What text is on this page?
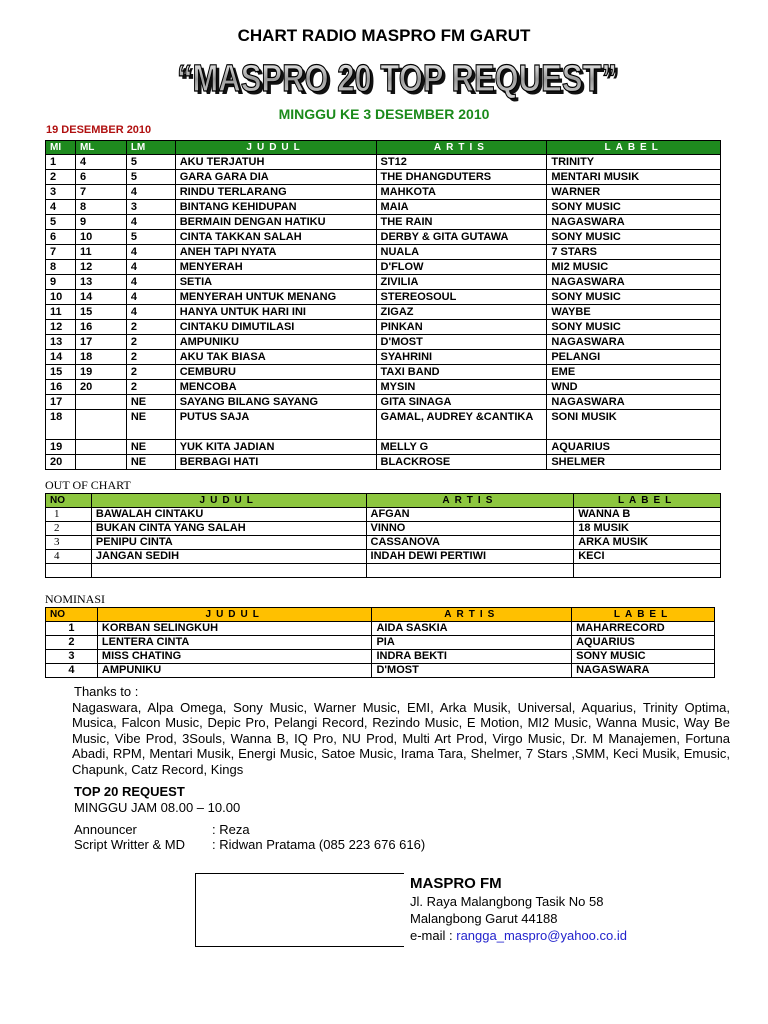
CHART RADIO MASPRO FM GARUT
“MASPRO 20 TOP REQUEST”
“MASPRO 20 TOP REQUEST”
MINGGU KE 3 DESEMBER 2010
19 DESEMBER 2010
MI	ML	LM	JUDUL	ARTIS	LABEL
1	4	5	AKU TERJATUH	ST12	TRINITY
2	6	5	GARA GARA DIA	THE DHANGDUTERS	MENTARI MUSIK
3	7	4	RINDU TERLARANG	MAHKOTA	WARNER
4	8	3	BINTANG KEHIDUPAN	MAIA	SONY MUSIC
5	9	4	BERMAIN DENGAN HATIKU	THE RAIN	NAGASWARA
6	10	5	CINTA TAKKAN SALAH	DERBY & GITA GUTAWA	SONY MUSIC
7	11	4	ANEH TAPI NYATA	NUALA	7 STARS
8	12	4	MENYERAH	D'FLOW	MI2 MUSIC
9	13	4	SETIA	ZIVILIA	NAGASWARA
10	14	4	MENYERAH UNTUK MENANG	STEREOSOUL	SONY MUSIC
11	15	4	HANYA UNTUK HARI INI	ZIGAZ	WAYBE
12	16	2	CINTAKU DIMUTILASI	PINKAN	SONY MUSIC
13	17	2	AMPUNIKU	D'MOST	NAGASWARA
14	18	2	AKU TAK BIASA	SYAHRINI	PELANGI
15	19	2	CEMBURU	TAXI BAND	EME
16	20	2	MENCOBA	MYSIN	WND
17		NE	SAYANG BILANG SAYANG	GITA SINAGA	NAGASWARA
18		NE	PUTUS SAJA	GAMAL, AUDREY &CANTIKA	SONI MUSIK
19		NE	YUK KITA JADIAN	MELLY G	AQUARIUS
20		NE	BERBAGI HATI	BLACKROSE	SHELMER
OUT OF CHART
NO	JUDUL	ARTIS	LABEL
1	BAWALAH CINTAKU	AFGAN	WANNA B
2	BUKAN CINTA YANG SALAH	VINNO	18 MUSIK
3	PENIPU CINTA	CASSANOVA	ARKA MUSIK
4	JANGAN SEDIH	INDAH DEWI PERTIWI	KECI

NOMINASI
NO	JUDUL	ARTIS	LABEL
1	KORBAN SELINGKUH	AIDA SASKIA	MAHARRECORD
2	LENTERA CINTA	PIA	AQUARIUS
3	MISS CHATING	INDRA BEKTI	SONY MUSIC
4	AMPUNIKU	D'MOST	NAGASWARA
Thanks to :
Nagaswara, Alpa Omega, Sony Music, Warner Music, EMI, Arka Musik, Universal, Aquarius, Trinity Optima, Musica, Falcon Music, Depic Pro, Pelangi Record, Rezindo Music, E Motion, MI2 Music, Wanna Music, Way Be Music, Vibe Prod, 3Souls, Wanna B, IQ Pro, NU Prod, Multi Art Prod, Virgo Music, Dr. M Manajemen, Fortuna Abadi, RPM, Mentari Musik, Energi Music, Satoe Music, Irama Tara, Shelmer, 7 Stars ,SMM, Keci Musik, Emusic, Chapunk, Catz Record, Kings
TOP 20 REQUEST
MINGGU JAM 08.00 – 10.00
Announcer	: Reza
Script Writter & MD : Ridwan Pratama (085 223 676 616)
MASPRO FM
Jl. Raya Malangbong Tasik No 58
Malangbong Garut 44188
e-mail : rangga_maspro@yahoo.co.id
